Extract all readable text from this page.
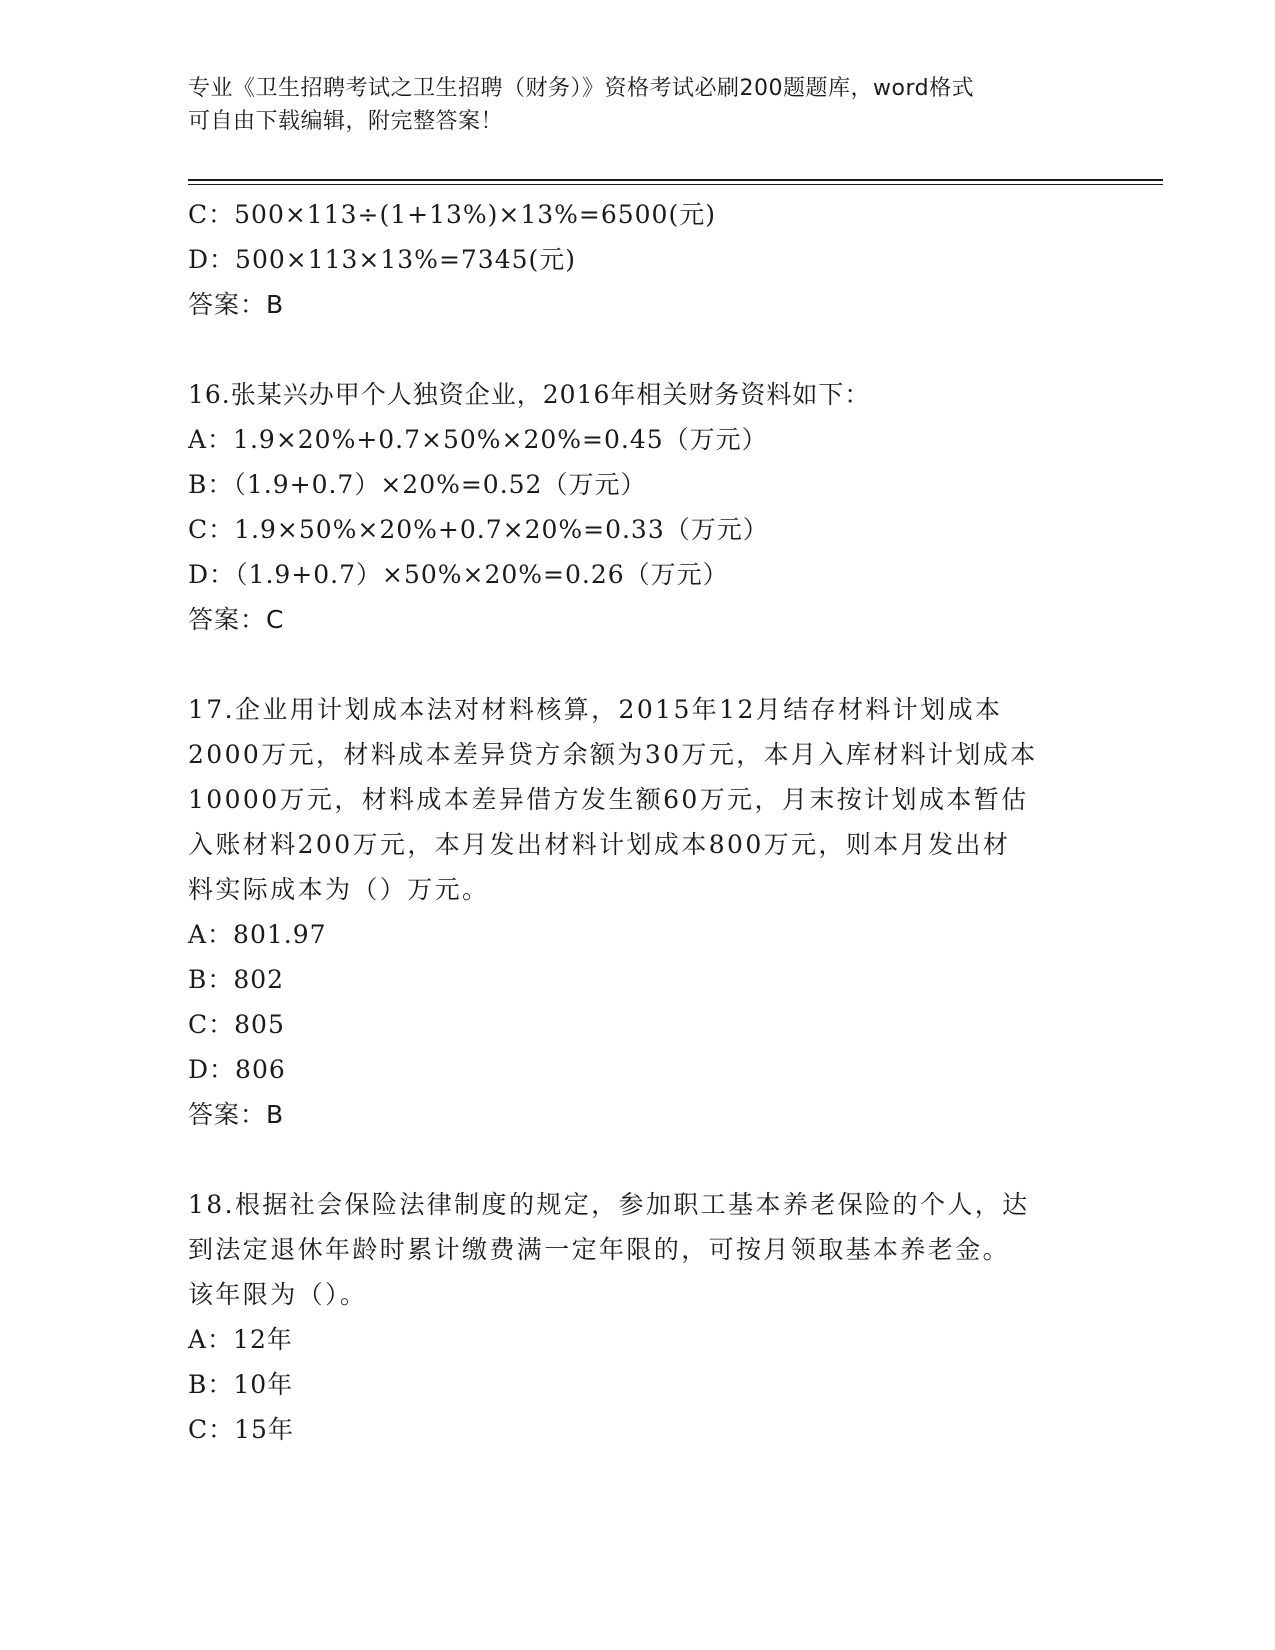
专业《卫生招聘考试之卫生招聘（财务）》资格考试必刷200题题库，word格式
可自由下载编辑，附完整答案！
C：500×113÷(1+13%)×13%=6500(元)
D：500×113×13%=7345(元)
答案：B
16.张某兴办甲个人独资企业，2016年相关财务资料如下：
A：1.9×20%+0.7×50%×20%=0.45（万元）
B：（1.9+0.7）×20%=0.52（万元）
C：1.9×50%×20%+0.7×20%=0.33（万元）
D：（1.9+0.7）×50%×20%=0.26（万元）
答案：C
17.企业用计划成本法对材料核算，2015年12月结存材料计划成本
2000万元，材料成本差异贷方余额为30万元，本月入库材料计划成本
10000万元，材料成本差异借方发生额60万元，月末按计划成本暂估
入账材料200万元，本月发出材料计划成本800万元，则本月发出材
料实际成本为（）万元。
A：801.97
B：802
C：805
D：806
答案：B
18.根据社会保险法律制度的规定，参加职工基本养老保险的个人，达
到法定退休年龄时累计缴费满一定年限的，可按月领取基本养老金。
该年限为（）。
A：12年
B：10年
C：15年
